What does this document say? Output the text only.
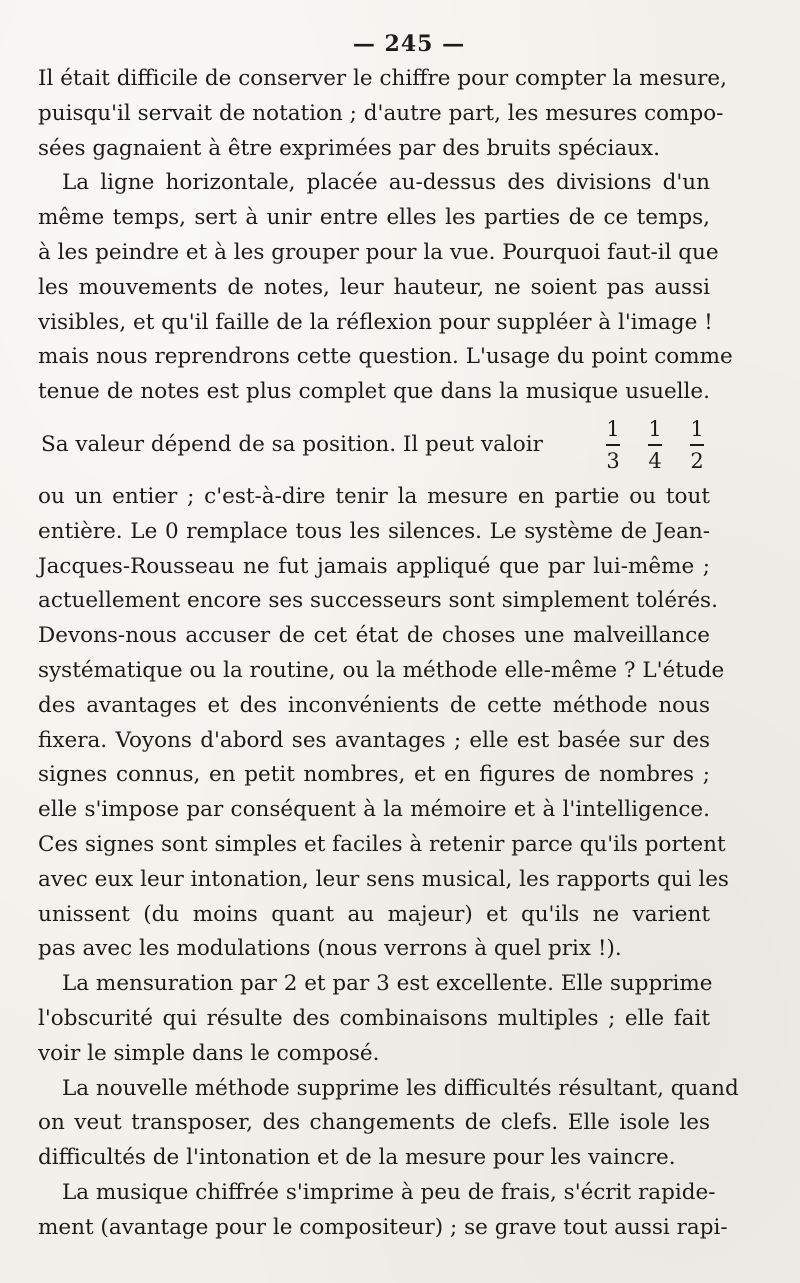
— 245 —
Il était difficile de conserver le chiffre pour compter la mesure,
puisqu'il servait de notation ; d'autre part, les mesures compo-
sées gagnaient à être exprimées par des bruits spéciaux.
La ligne horizontale, placée au-dessus des divisions d'un
même temps, sert à unir entre elles les parties de ce temps,
à les peindre et à les grouper pour la vue. Pourquoi faut-il que
les mouvements de notes, leur hauteur, ne soient pas aussi
visibles, et qu'il faille de la réflexion pour suppléer à l'image !
mais nous reprendrons cette question. L'usage du point comme
tenue de notes est plus complet que dans la musique usuelle.
Sa valeur dépend de sa position. Il peut valoir	$\frac{1}{3} \frac{1}{4} \frac{1}{2}$
ou un entier ; c'est-à-dire tenir la mesure en partie ou tout
entière. Le 0 remplace tous les silences. Le système de Jean-
Jacques-Rousseau ne fut jamais appliqué que par lui-même ;
actuellement encore ses successeurs sont simplement tolérés.
Devons-nous accuser de cet état de choses une malveillance
systématique ou la routine, ou la méthode elle-même ? L'étude
des avantages et des inconvénients de cette méthode nous
fixera. Voyons d'abord ses avantages ; elle est basée sur des
signes connus, en petit nombres, et en figures de nombres ;
elle s'impose par conséquent à la mémoire et à l'intelligence.
Ces signes sont simples et faciles à retenir parce qu'ils portent
avec eux leur intonation, leur sens musical, les rapports qui les
unissent (du moins quant au majeur) et qu'ils ne varient
pas avec les modulations (nous verrons à quel prix !).
La mensuration par 2 et par 3 est excellente. Elle supprime
l'obscurité qui résulte des combinaisons multiples ; elle fait
voir le simple dans le composé.
La nouvelle méthode supprime les difficultés résultant, quand
on veut transposer, des changements de clefs. Elle isole les
difficultés de l'intonation et de la mesure pour les vaincre.
La musique chiffrée s'imprime à peu de frais, s'écrit rapide-
ment (avantage pour le compositeur) ; se grave tout aussi rapi-
